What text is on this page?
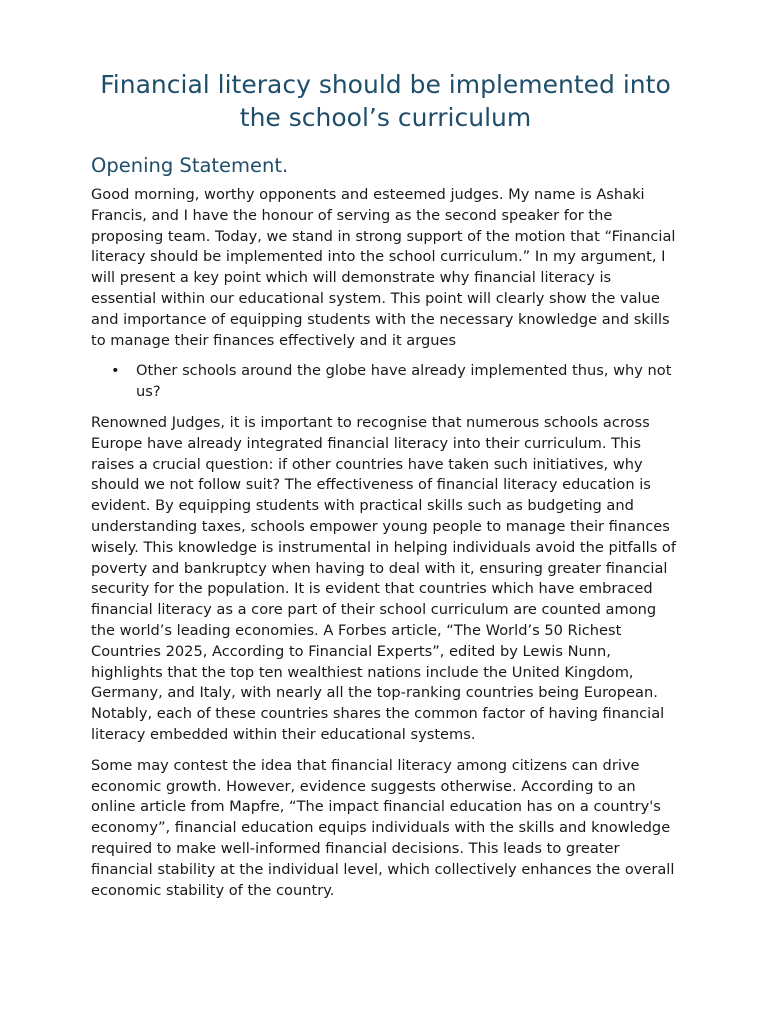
Financial literacy should be implemented into the school’s curriculum
Opening Statement.

Good morning, worthy opponents and esteemed judges. My name is Ashaki Francis, and I have the honour of serving as the second speaker for the proposing team. Today, we stand in strong support of the motion that “Financial literacy should be implemented into the school curriculum.” In my argument, I will present a key point which will demonstrate why financial literacy is essential within our educational system. This point will clearly show the value and importance of equipping students with the necessary knowledge and skills to manage their finances effectively and it argues

• Other schools around the globe have already implemented thus, why not us?

Renowned Judges, it is important to recognise that numerous schools across Europe have already integrated financial literacy into their curriculum. This raises a crucial question: if other countries have taken such initiatives, why should we not follow suit? The effectiveness of financial literacy education is evident. By equipping students with practical skills such as budgeting and understanding taxes, schools empower young people to manage their finances wisely. This knowledge is instrumental in helping individuals avoid the pitfalls of poverty and bankruptcy when having to deal with it, ensuring greater financial security for the population. It is evident that countries which have embraced financial literacy as a core part of their school curriculum are counted among the world’s leading economies. A Forbes article, “The World’s 50 Richest Countries 2025, According to Financial Experts”, edited by Lewis Nunn, highlights that the top ten wealthiest nations include the United Kingdom, Germany, and Italy, with nearly all the top-ranking countries being European. Notably, each of these countries shares the common factor of having financial literacy embedded within their educational systems.

Some may contest the idea that financial literacy among citizens can drive economic growth. However, evidence suggests otherwise. According to an online article from Mapfre, “The impact financial education has on a country's economy”, financial education equips individuals with the skills and knowledge required to make well-informed financial decisions. This leads to greater financial stability at the individual level, which collectively enhances the overall economic stability of the country.
